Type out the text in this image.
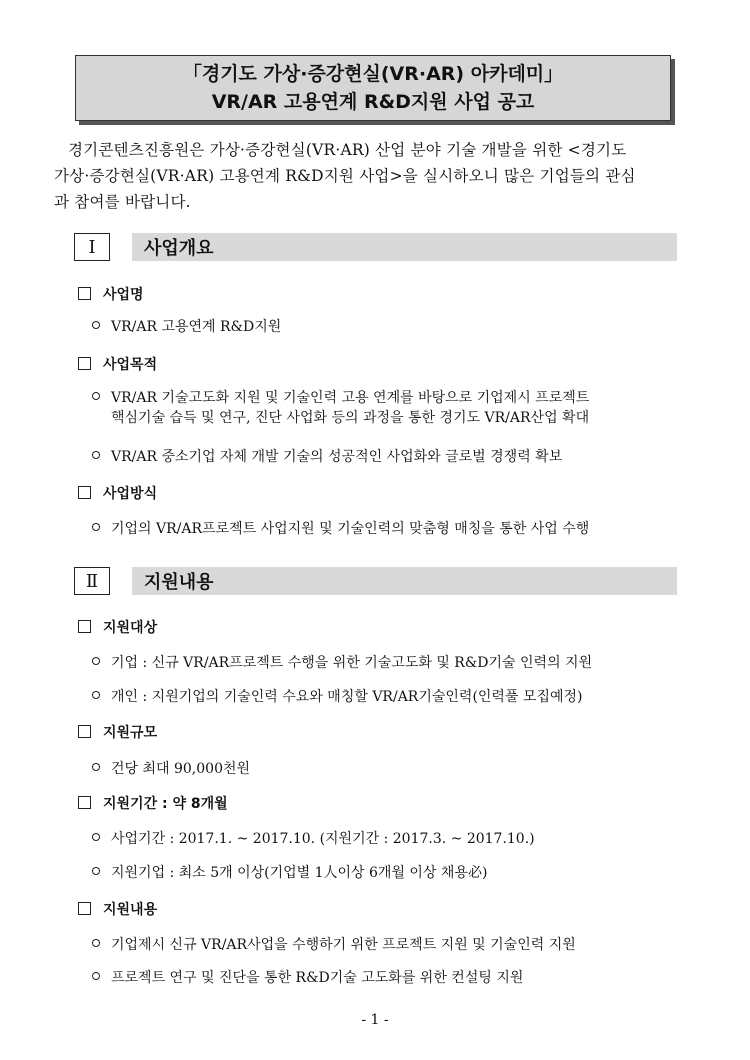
「경기도 가상·증강현실(VR·AR) 아카데미」
VR/AR 고용연계 R&D지원 사업 공고
경기콘텐츠진흥원은 가상·증강현실(VR·AR) 산업 분야 기술 개발을 위한 <경기도
가상·증강현실(VR·AR) 고용연계 R&D지원 사업>을 실시하오니 많은 기업들의 관심
과 참여를 바랍니다.
Ⅰ	사업개요
사업명
VR/AR 고용연계 R&D지원
사업목적
VR/AR 기술고도화 지원 및 기술인력 고용 연계를 바탕으로 기업제시 프로젝트
핵심기술 습득 및 연구, 진단 사업화 등의 과정을 통한 경기도 VR/AR산업 확대
VR/AR 중소기업 자체 개발 기술의 성공적인 사업화와 글로벌 경쟁력 확보
사업방식
기업의 VR/AR프로젝트 사업지원 및 기술인력의 맞춤형 매칭을 통한 사업 수행
Ⅱ	지원내용
지원대상
기업 : 신규 VR/AR프로젝트 수행을 위한 기술고도화 및 R&D기술 인력의 지원
개인 : 지원기업의 기술인력 수요와 매칭할 VR/AR기술인력(인력풀 모집예정)
지원규모
건당 최대 90,000천원
지원기간 : 약 8개월
사업기간 : 2017.1. ~ 2017.10. (지원기간 : 2017.3. ~ 2017.10.)
지원기업 : 최소 5개 이상(기업별 1人이상 6개월 이상 채용必)
지원내용
기업제시 신규 VR/AR사업을 수행하기 위한 프로젝트 지원 및 기술인력 지원
프로젝트 연구 및 진단을 통한 R&D기술 고도화를 위한 컨설팅 지원
- 1 -
